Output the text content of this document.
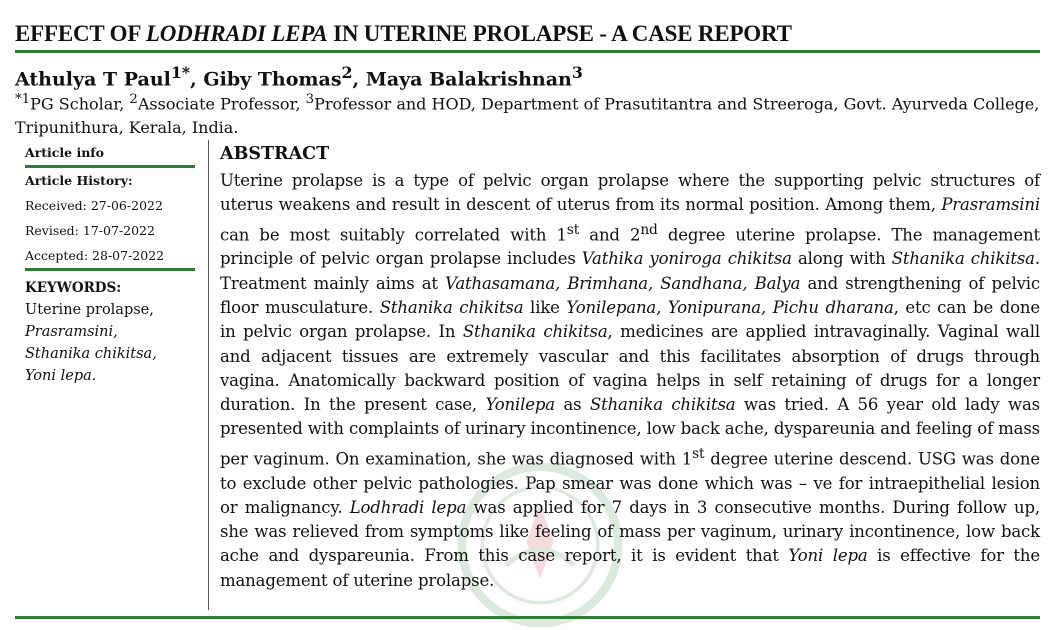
EFFECT OF LODHRADI LEPA IN UTERINE PROLAPSE - A CASE REPORT
Athulya T Paul$^{1*}$, Giby Thomas$^2$, Maya Balakrishnan$^3$
$^{*1}$PG Scholar, $^2$Associate Professor, $^3$Professor and HOD, Department of Prasutitantra and Streeroga, Govt. Ayurveda College, Tripunithura, Kerala, India.
Article info
Article History:
Received: 27-06-2022
Revised: 17-07-2022
Accepted: 28-07-2022
KEYWORDS:
Uterine prolapse,
Prasramsini,
Sthanika chikitsa,
Yoni lepa.
ABSTRACT
Uterine prolapse is a type of pelvic organ prolapse where the supporting pelvic structures of uterus weakens and result in descent of uterus from its normal position. Among them, Prasramsini can be most suitably correlated with 1st and 2nd degree uterine prolapse. The management principle of pelvic organ prolapse includes Vathika yoniroga chikitsa along with Sthanika chikitsa. Treatment mainly aims at Vathasamana, Brimhana, Sandhana, Balya and strengthening of pelvic floor musculature. Sthanika chikitsa like Yonilepana, Yonipurana, Pichu dharana, etc can be done in pelvic organ prolapse. In Sthanika chikitsa, medicines are applied intravaginally. Vaginal wall and adjacent tissues are extremely vascular and this facilitates absorption of drugs through vagina. Anatomically backward position of vagina helps in self retaining of drugs for a longer duration. In the present case, Yonilepa as Sthanika chikitsa was tried. A 56 year old lady was presented with complaints of urinary incontinence, low back ache, dyspareunia and feeling of mass per vaginum. On examination, she was diagnosed with 1st degree uterine descend. USG was done to exclude other pelvic pathologies. Pap smear was done which was – ve for intraepithelial lesion or malignancy. Lodhradi lepa was applied for 7 days in 3 consecutive months. During follow up, she was relieved from symptoms like feeling of mass per vaginum, urinary incontinence, low back ache and dyspareunia. From this case report, it is evident that Yoni lepa is effective for the management of uterine prolapse.
